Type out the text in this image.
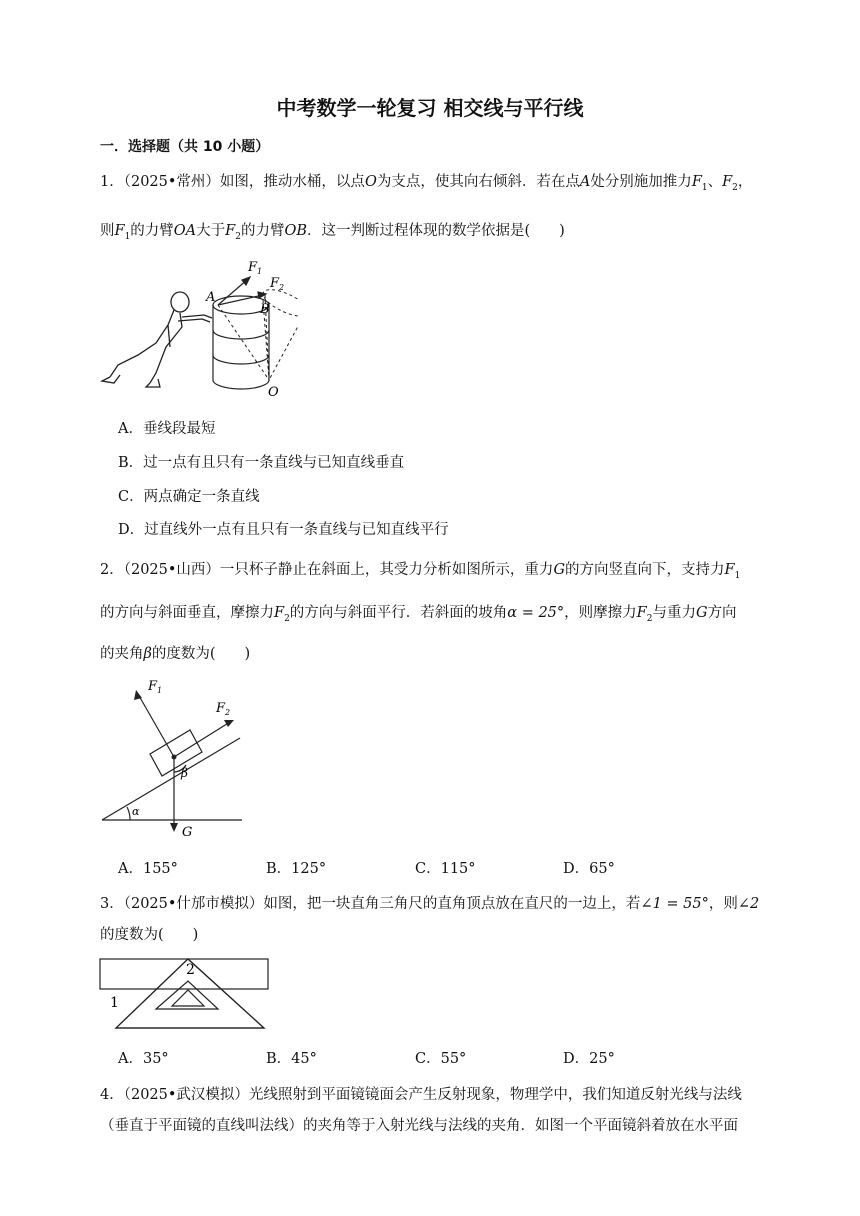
中考数学一轮复习 相交线与平行线
一．选择题（共 10 小题）
1．（2025•常州）如图，推动水桶，以点O为支点，使其向右倾斜．若在点A处分别施加推力$F_1$、$F_2$，
则$F_1$的力臂OA大于$F_2$的力臂OB．这一判断过程体现的数学依据是(　　)
$F_1$
$F_2$
A
B
O
A．垂线段最短
B．过一点有且只有一条直线与已知直线垂直
C．两点确定一条直线
D．过直线外一点有且只有一条直线与已知直线平行
2．（2025•山西）一只杯子静止在斜面上，其受力分析如图所示，重力G的方向竖直向下，支持力$F_1$
的方向与斜面垂直，摩擦力$F_2$的方向与斜面平行．若斜面的坡角α = 25°，则摩擦力$F_2$与重力G方向
的夹角β的度数为(　　)
$F_1$
$F_2$
β
α
G
A．155°	B．125°	C．115°	D．65°
3．（2025•什邡市模拟）如图，把一块直角三角尺的直角顶点放在直尺的一边上，若∠1 = 55°，则∠2
的度数为(　　)
1
2
A．35°	B．45°	C．55°	D．25°
4．（2025•武汉模拟）光线照射到平面镜镜面会产生反射现象，物理学中，我们知道反射光线与法线
（垂直于平面镜的直线叫法线）的夹角等于入射光线与法线的夹角．如图一个平面镜斜着放在水平面
